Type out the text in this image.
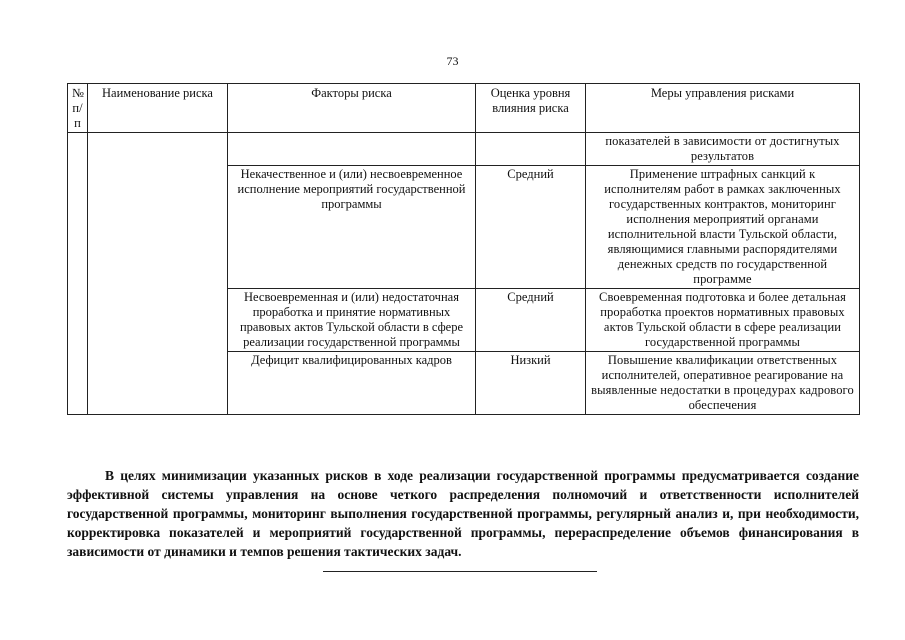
73
№ п/п	Наименование риска	Факторы риска	Оценка уровня влияния риска	Меры управления рисками
				показателей в зависимости от достигнутых результатов
		Некачественное и (или) несвоевременное исполнение мероприятий государственной программы	Средний	Применение штрафных санкций к исполнителям работ в рамках заключенных государственных контрактов, мониторинг исполнения мероприятий органами исполнительной власти Тульской области, являющимися главными распорядителями денежных средств по государственной программе
		Несвоевременная и (или) недостаточная проработка и принятие нормативных правовых актов Тульской области в сфере реализации государственной программы	Средний	Своевременная подготовка и более детальная проработка проектов нормативных правовых актов Тульской области в сфере реализации государственной программы
		Дефицит квалифицированных кадров	Низкий	Повышение квалификации ответственных исполнителей, оперативное реагирование на выявленные недостатки в процедурах кадрового обеспечения
В целях минимизации указанных рисков в ходе реализации государственной программы предусматривается создание эффективной системы управления на основе четкого распределения полномочий и ответственности исполнителей государственной программы, мониторинг выполнения государственной программы, регулярный анализ и, при необходимости, корректировка показателей и мероприятий государственной программы, перераспределение объемов финансирования в зависимости от динамики и темпов решения тактических задач.
